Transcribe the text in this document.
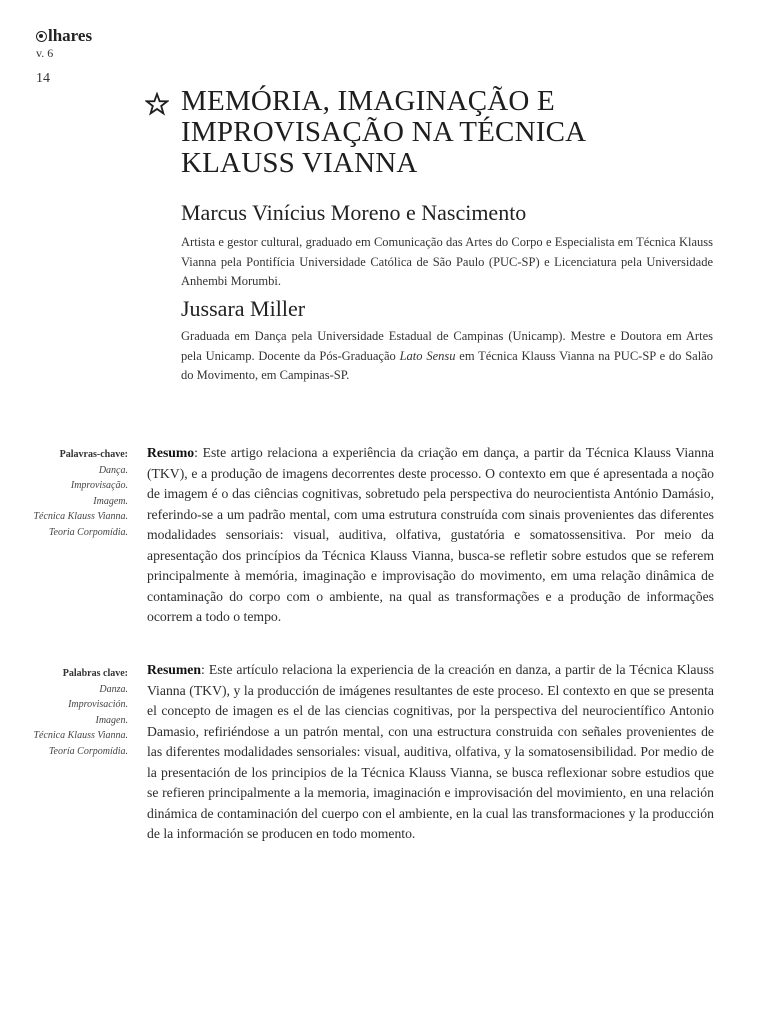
lhares
v. 6
14
MEMÓRIA, IMAGINAÇÃO E
IMPROVISAÇÃO NA TÉCNICA
KLAUSS VIANNA
Marcus Vinícius Moreno e Nascimento
Artista e gestor cultural, graduado em Comunicação das Artes do Corpo e Especialista em Técnica Klauss Vianna pela Pontifícia Universidade Católica de São Paulo (PUC-SP) e Licenciatura pela Universidade Anhembi Morumbi.
Jussara Miller
Graduada em Dança pela Universidade Estadual de Campinas (Unicamp). Mestre e Doutora em Artes pela Unicamp. Docente da Pós-Graduação Lato Sensu em Técnica Klauss Vianna na PUC-SP e do Salão do Movimento, em Campinas-SP.
Palavras-chave:
Dança.
Improvisação.
Imagem.
Técnica Klauss Vianna.
Teoria Corpomídia.
Resumo: Este artigo relaciona a experiência da criação em dança, a partir da Técnica Klauss Vianna (TKV), e a produção de imagens decorrentes deste processo. O contexto em que é apresentada a noção de imagem é o das ciências cognitivas, sobretudo pela perspectiva do neurocientista António Damásio, referindo-se a um padrão mental, com uma estrutura construída com sinais provenientes das diferentes modalidades sensoriais: visual, auditiva, olfativa, gustatória e somatossensitiva. Por meio da apresentação dos princípios da Técnica Klauss Vianna, busca-se refletir sobre estudos que se referem principalmente à memória, imaginação e improvisação do movimento, em uma relação dinâmica de contaminação do corpo com o ambiente, na qual as transformações e a produção de informações ocorrem a todo o tempo.
Palabras clave:
Danza.
Improvisación.
Imagen.
Técnica Klauss Vianna.
Teoría Corpomídia.
Resumen: Este artículo relaciona la experiencia de la creación en danza, a partir de la Técnica Klauss Vianna (TKV), y la producción de imágenes resultantes de este proceso. El contexto en que se presenta el concepto de imagen es el de las ciencias cognitivas, por la perspectiva del neurocientífico Antonio Damasio, refiriéndose a un patrón mental, con una estructura construida con señales provenientes de las diferentes modalidades sensoriales: visual, auditiva, olfativa, y la somatosensibilidad. Por medio de la presentación de los principios de la Técnica Klauss Vianna, se busca reflexionar sobre estudios que se refieren principalmente a la memoria, imaginación e improvisación del movimiento, en una relación dinámica de contaminación del cuerpo con el ambiente, en la cual las transformaciones y la producción de la información se producen en todo momento.
